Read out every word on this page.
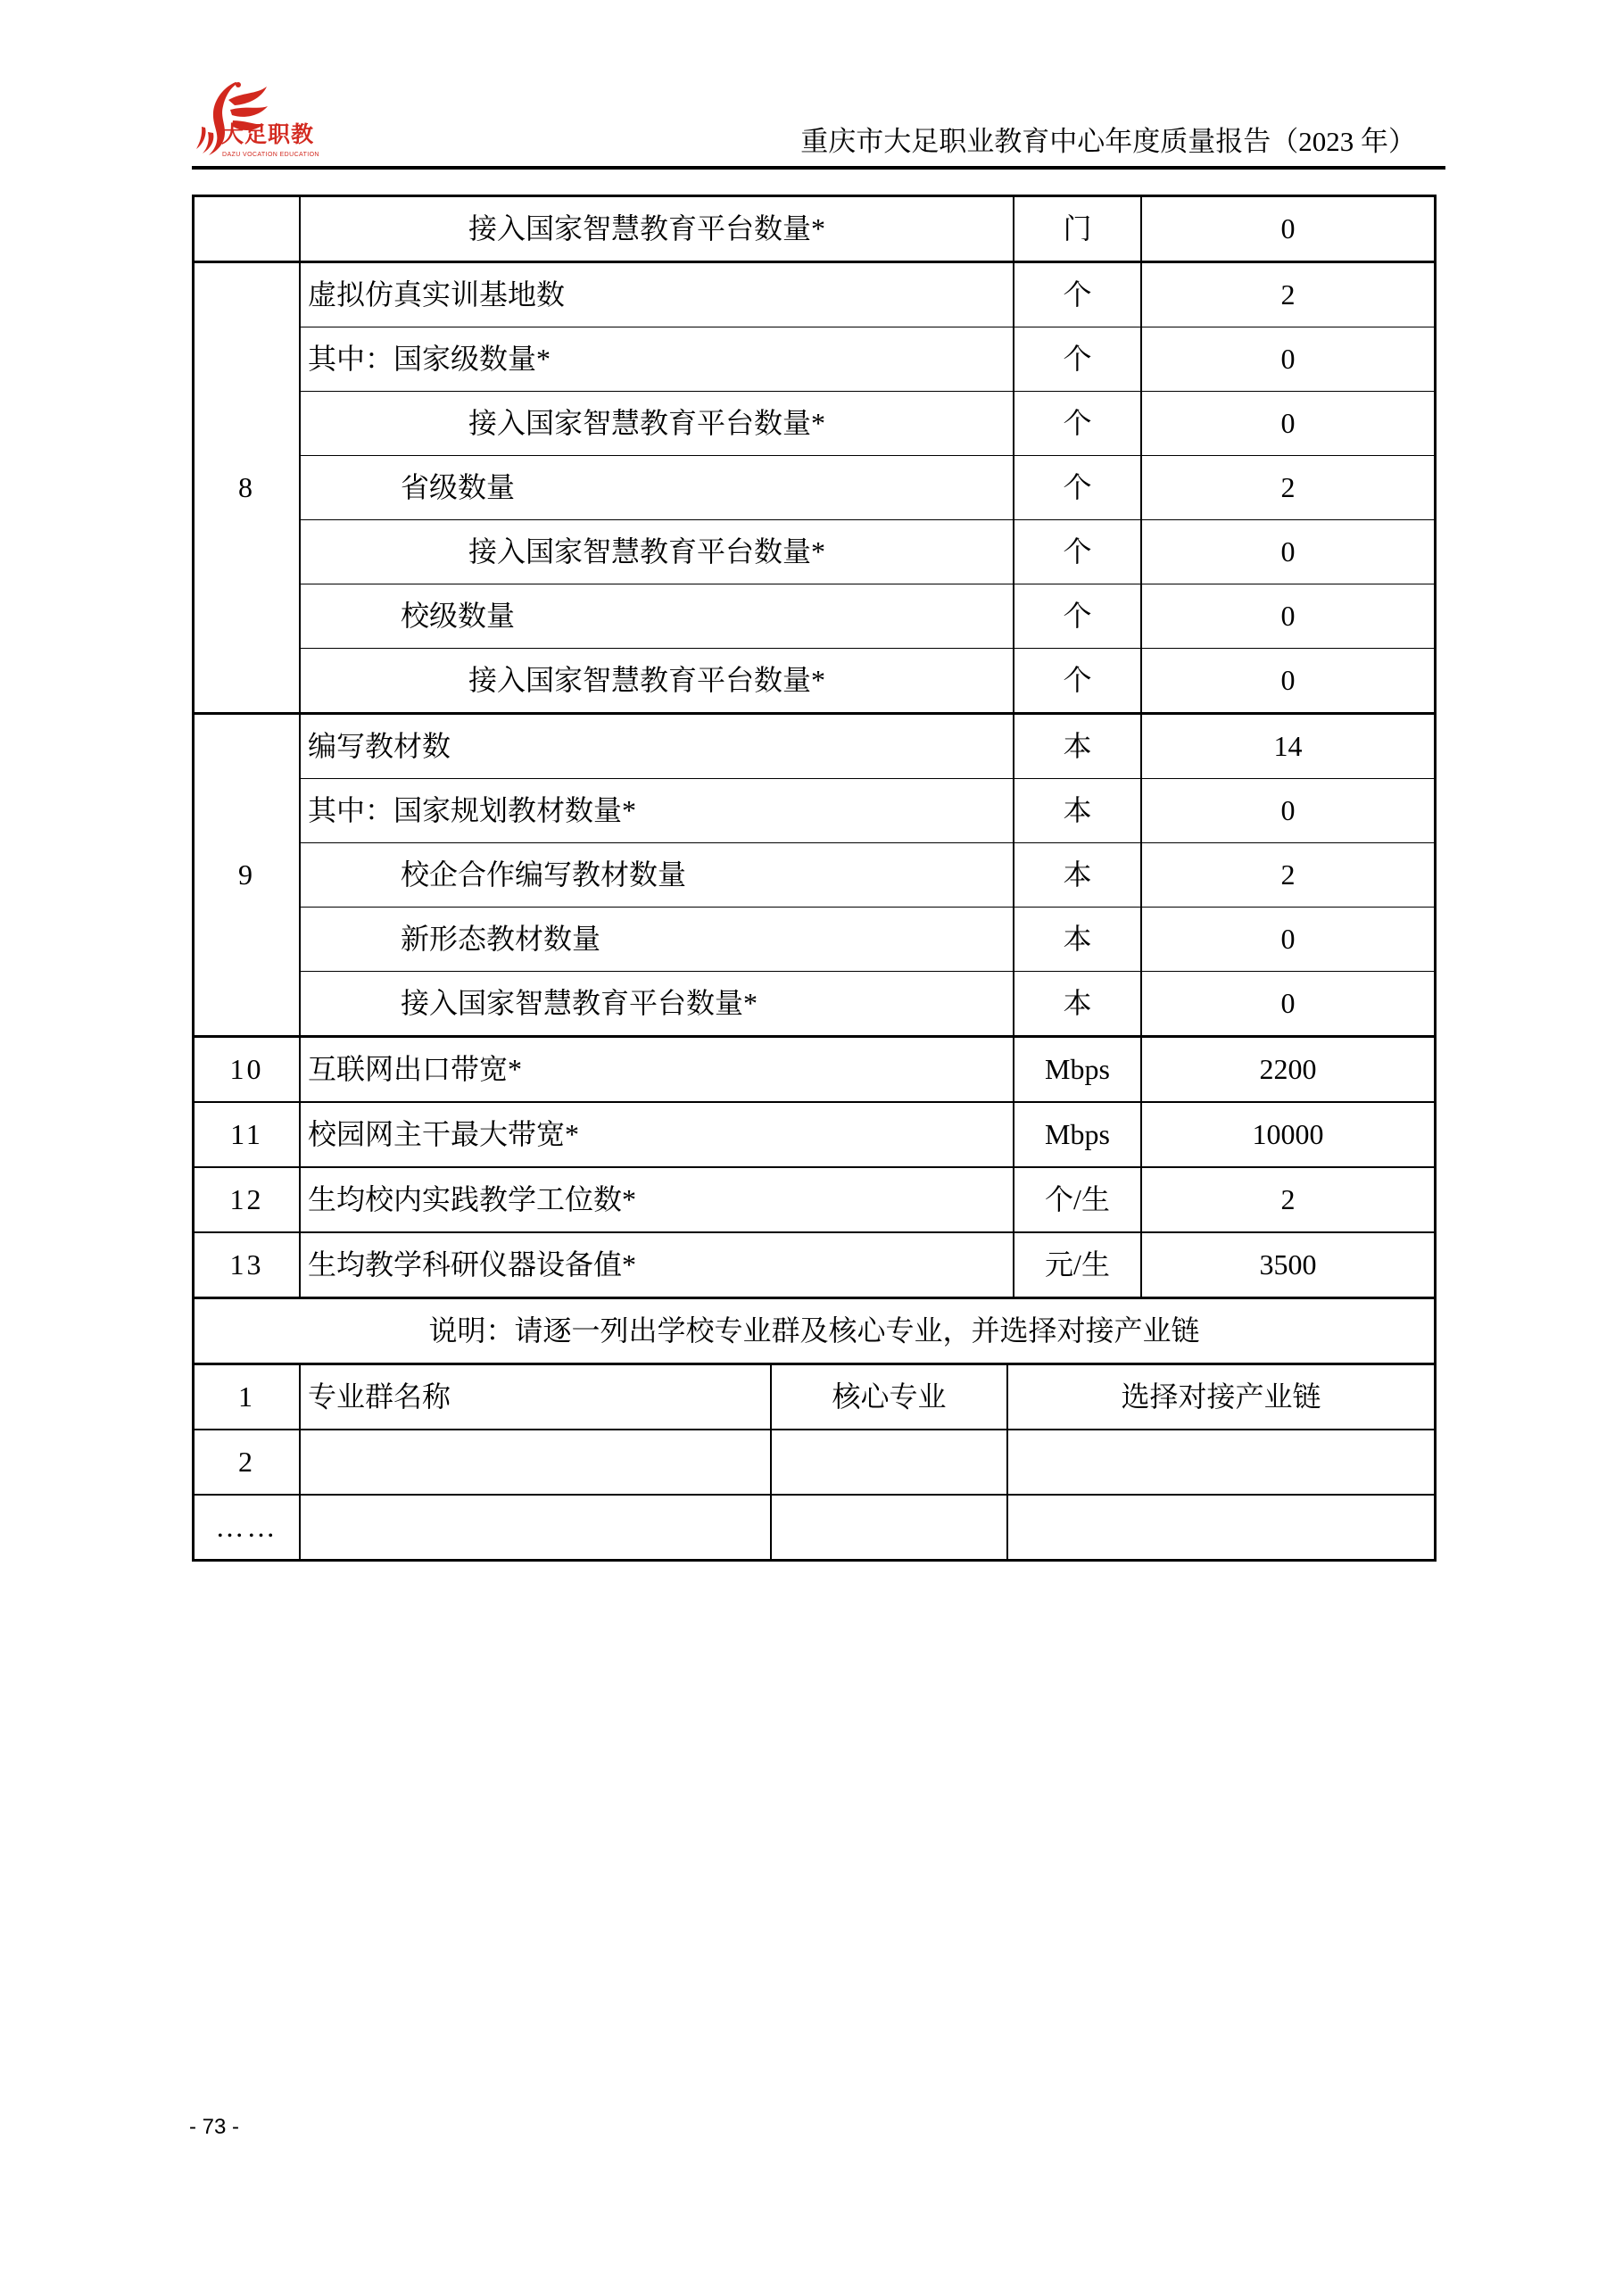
大足职教
DAZU VOCATION EDUCATION	重庆市大足职业教育中心年度质量报告（2023 年）
	接入国家智慧教育平台数量*	门	0
8	虚拟仿真实训基地数	个	2
	其中：国家级数量*	个	0
	接入国家智慧教育平台数量*	个	0
	省级数量	个	2
	接入国家智慧教育平台数量*	个	0
	校级数量	个	0
	接入国家智慧教育平台数量*	个	0
9	编写教材数	本	14
	其中：国家规划教材数量*	本	0
	校企合作编写教材数量	本	2
	新形态教材数量	本	0
	接入国家智慧教育平台数量*	本	0
10	互联网出口带宽*	Mbps	2200
11	校园网主干最大带宽*	Mbps	10000
12	生均校内实践教学工位数*	个/生	2
13	生均教学科研仪器设备值*	元/生	3500
说明：请逐一列出学校专业群及核心专业，并选择对接产业链			
1	专业群名称	核心专业	选择对接产业链
2			
……			
- 73 -
